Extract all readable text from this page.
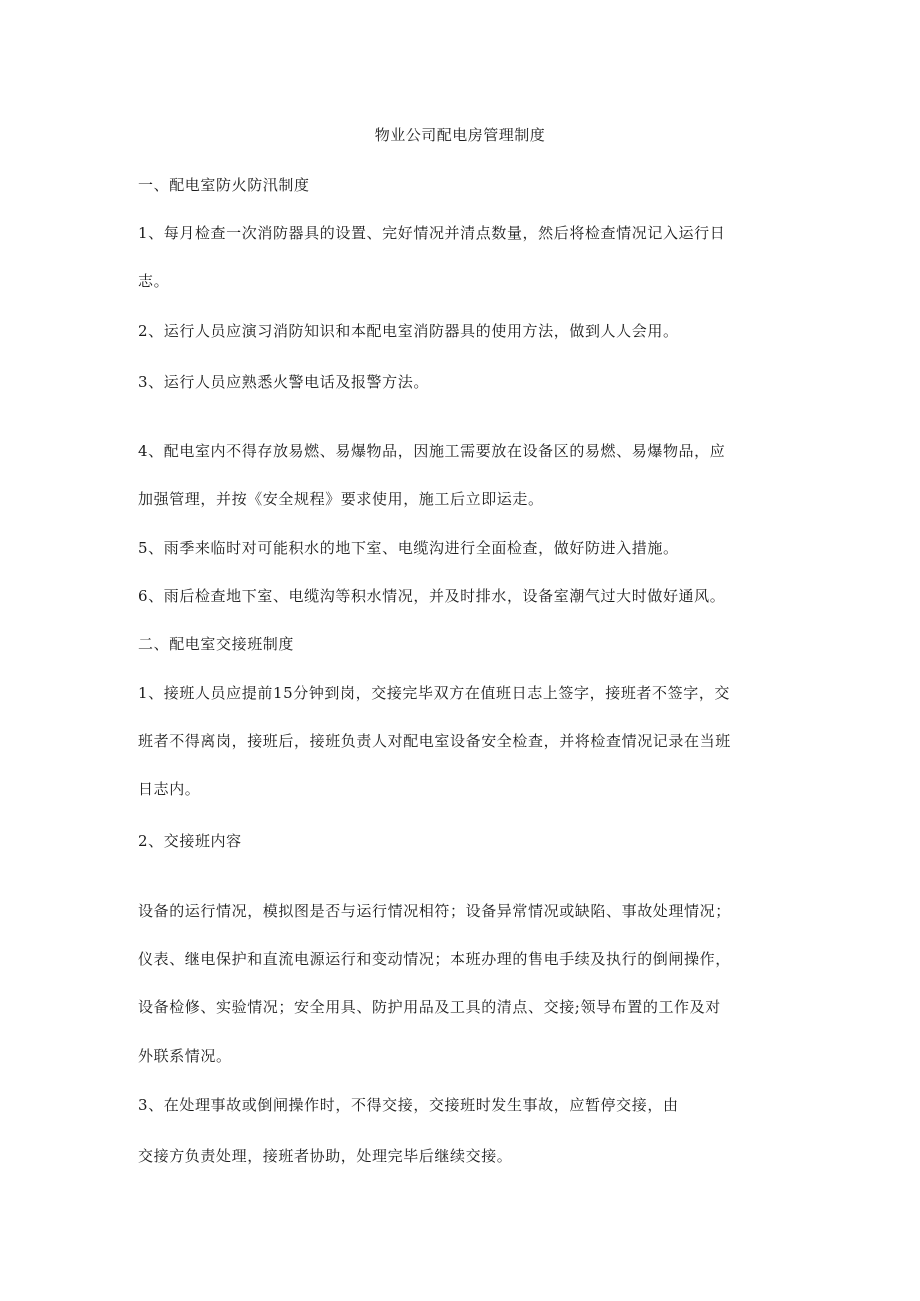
物业公司配电房管理制度
一、配电室防火防汛制度
1、每月检查一次消防器具的设置、完好情况并清点数量，然后将检查情况记入运行日
志。
2、运行人员应演习消防知识和本配电室消防器具的使用方法，做到人人会用。
3、运行人员应熟悉火警电话及报警方法。
4、配电室内不得存放易燃、易爆物品，因施工需要放在设备区的易燃、易爆物品，应
加强管理，并按《安全规程》要求使用，施工后立即运走。
5、雨季来临时对可能积水的地下室、电缆沟进行全面检查，做好防进入措施。
6、雨后检查地下室、电缆沟等积水情况，并及时排水，设备室潮气过大时做好通风。
二、配电室交接班制度
1、接班人员应提前15分钟到岗，交接完毕双方在值班日志上签字，接班者不签字，交
班者不得离岗，接班后，接班负责人对配电室设备安全检查，并将检查情况记录在当班
日志内。
2、交接班内容
设备的运行情况，模拟图是否与运行情况相符；设备异常情况或缺陷、事故处理情况；
仪表、继电保护和直流电源运行和变动情况；本班办理的售电手续及执行的倒闸操作，
设备检修、实验情况；安全用具、防护用品及工具的清点、交接;领导布置的工作及对
外联系情况。
3、在处理事故或倒闸操作时，不得交接，交接班时发生事故，应暂停交接，由
交接方负责处理，接班者协助，处理完毕后继续交接。
